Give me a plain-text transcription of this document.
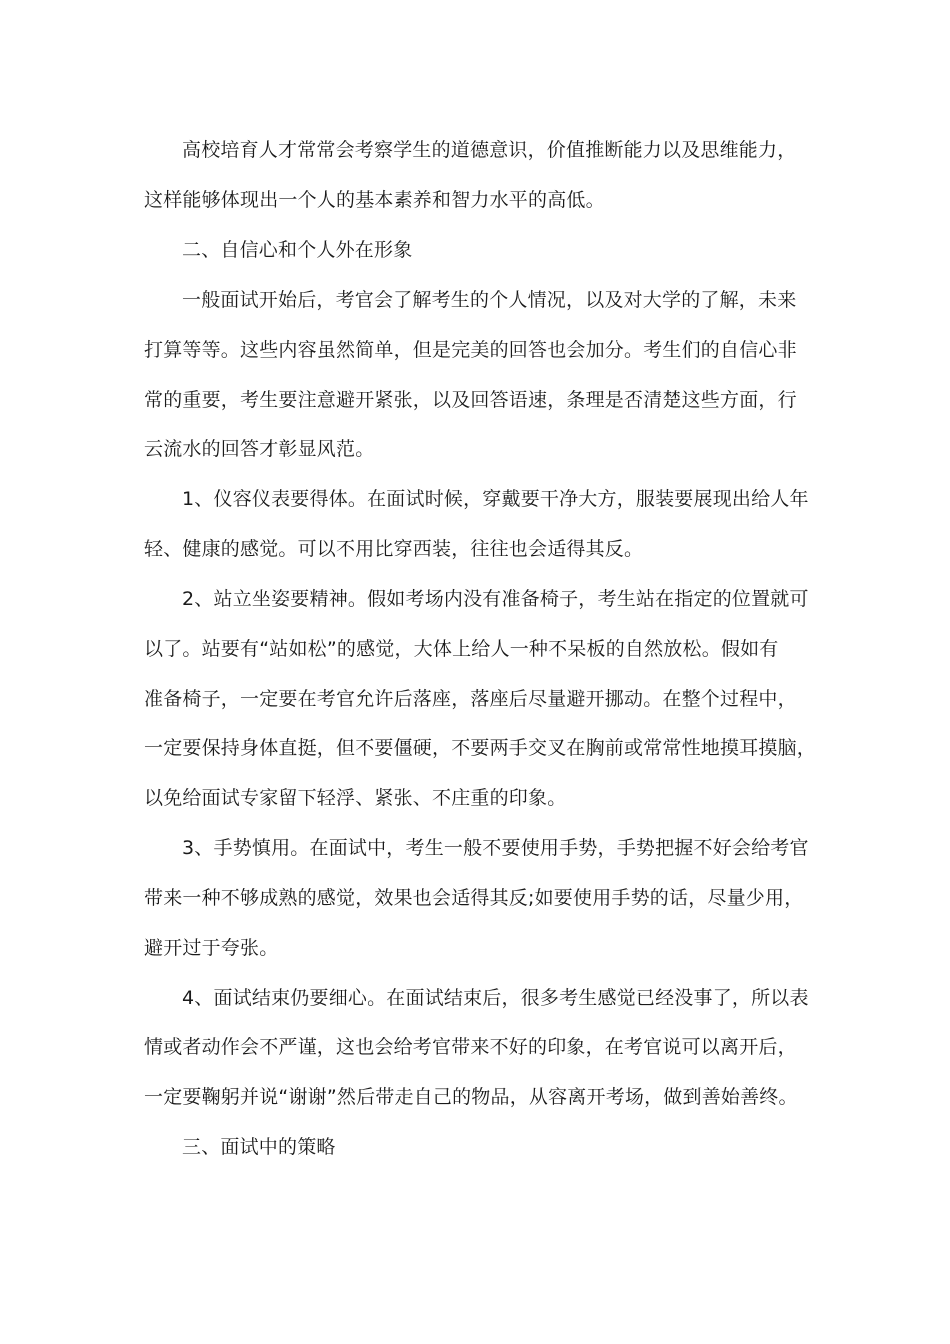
高校培育人才常常会考察学生的道德意识，价值推断能力以及思维能力，
这样能够体现出一个人的基本素养和智力水平的高低。
二、自信心和个人外在形象
一般面试开始后，考官会了解考生的个人情况，以及对大学的了解，未来
打算等等。这些内容虽然简单，但是完美的回答也会加分。考生们的自信心非
常的重要，考生要注意避开紧张，以及回答语速，条理是否清楚这些方面，行
云流水的回答才彰显风范。
1、仪容仪表要得体。在面试时候，穿戴要干净大方，服装要展现出给人年
轻、健康的感觉。可以不用比穿西装，往往也会适得其反。
2、站立坐姿要精神。假如考场内没有准备椅子，考生站在指定的位置就可
以了。站要有“站如松”的感觉，大体上给人一种不呆板的自然放松。假如有
准备椅子，一定要在考官允许后落座，落座后尽量避开挪动。在整个过程中，
一定要保持身体直挺，但不要僵硬，不要两手交叉在胸前或常常性地摸耳摸脑，
以免给面试专家留下轻浮、紧张、不庄重的印象。
3、手势慎用。在面试中，考生一般不要使用手势，手势把握不好会给考官
带来一种不够成熟的感觉，效果也会适得其反;如要使用手势的话，尽量少用，
避开过于夸张。
4、面试结束仍要细心。在面试结束后，很多考生感觉已经没事了，所以表
情或者动作会不严谨，这也会给考官带来不好的印象，在考官说可以离开后，
一定要鞠躬并说“谢谢”然后带走自己的物品，从容离开考场，做到善始善终。
三、面试中的策略
